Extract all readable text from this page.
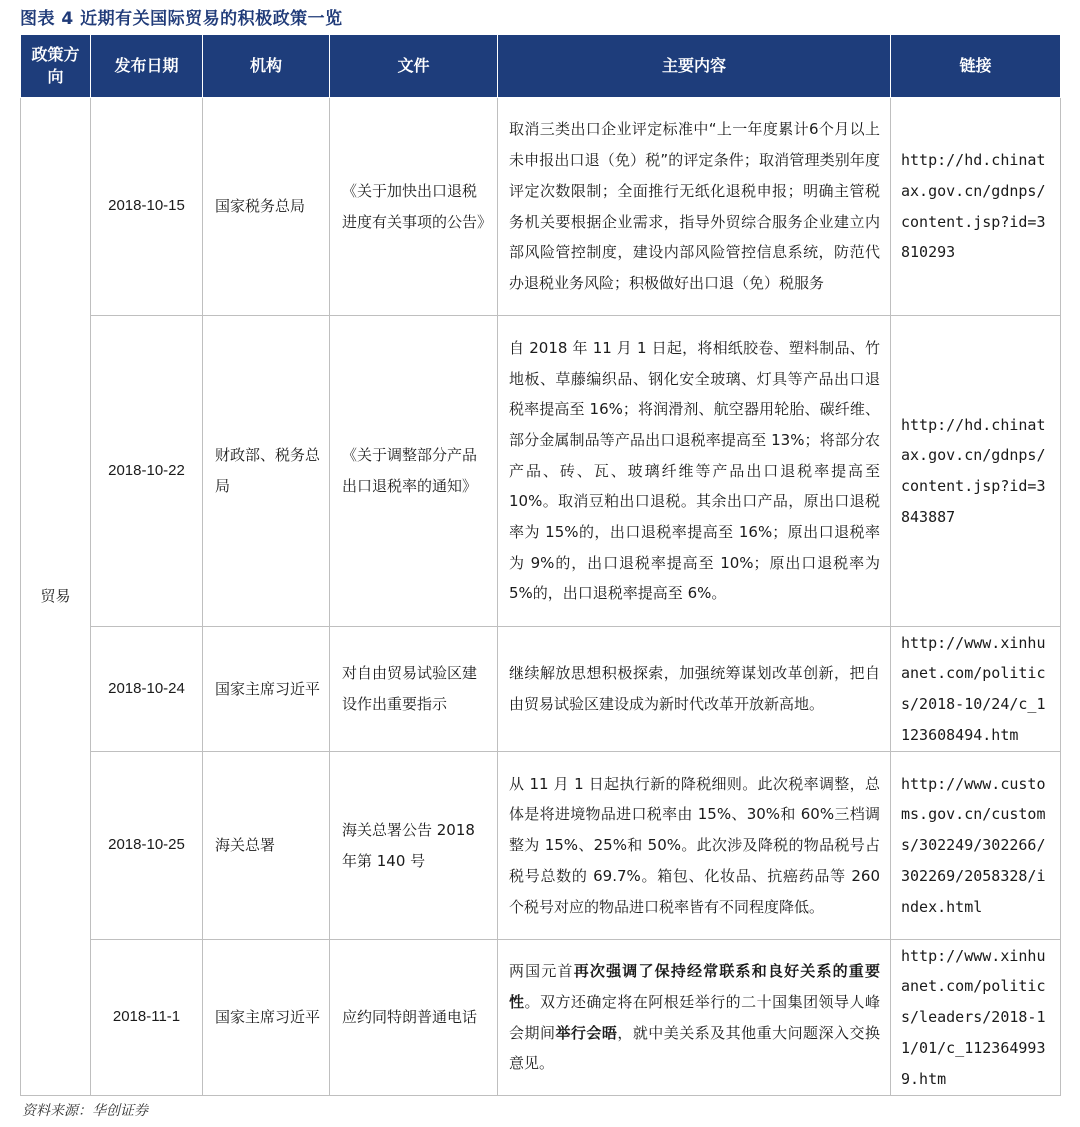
图表 4 近期有关国际贸易的积极政策一览
政策方向	发布日期	机构	文件	主要内容	链接
贸易	2018-10-15	国家税务总局	《关于加快出口退税进度有关事项的公告》	取消三类出口企业评定标准中“上一年度累计6个月以上未申报出口退（免）税”的评定条件；取消管理类别年度评定次数限制；全面推行无纸化退税申报；明确主管税务机关要根据企业需求，指导外贸综合服务企业建立内部风险管控制度，建设内部风险管控信息系统，防范代办退税业务风险；积极做好出口退（免）税服务	http://hd.chinatax.gov.cn/gdnps/content.jsp?id=3810293
	2018-10-22	财政部、税务总局	《关于调整部分产品出口退税率的通知》	自 2018 年 11 月 1 日起，将相纸胶卷、塑料制品、竹地板、草藤编织品、钢化安全玻璃、灯具等产品出口退税率提高至 16%；将润滑剂、航空器用轮胎、碳纤维、部分金属制品等产品出口退税率提高至 13%；将部分农产品、砖、瓦、玻璃纤维等产品出口退税率提高至 10%。取消豆粕出口退税。其余出口产品，原出口退税率为 15%的，出口退税率提高至 16%；原出口退税率为 9%的，出口退税率提高至 10%；原出口退税率为 5%的，出口退税率提高至 6%。	http://hd.chinatax.gov.cn/gdnps/content.jsp?id=3843887
	2018-10-24	国家主席习近平	对自由贸易试验区建设作出重要指示	继续解放思想积极探索，加强统筹谋划改革创新，把自由贸易试验区建设成为新时代改革开放新高地。	http://www.xinhuanet.com/politics/2018-10/24/c_1123608494.htm
	2018-10-25	海关总署	海关总署公告 2018 年第 140 号	从 11 月 1 日起执行新的降税细则。此次税率调整，总体是将进境物品进口税率由 15%、30%和 60%三档调整为 15%、25%和 50%。此次涉及降税的物品税号占税号总数的 69.7%。箱包、化妆品、抗癌药品等 260 个税号对应的物品进口税率皆有不同程度降低。	http://www.customs.gov.cn/customs/302249/302266/302269/2058328/index.html
	2018-11-1	国家主席习近平	应约同特朗普通电话	两国元首再次强调了保持经常联系和良好关系的重要性。双方还确定将在阿根廷举行的二十国集团领导人峰会期间举行会晤，就中美关系及其他重大问题深入交换意见。	http://www.xinhuanet.com/politics/leaders/2018-11/01/c_1123649939.htm
资料来源：华创证券
